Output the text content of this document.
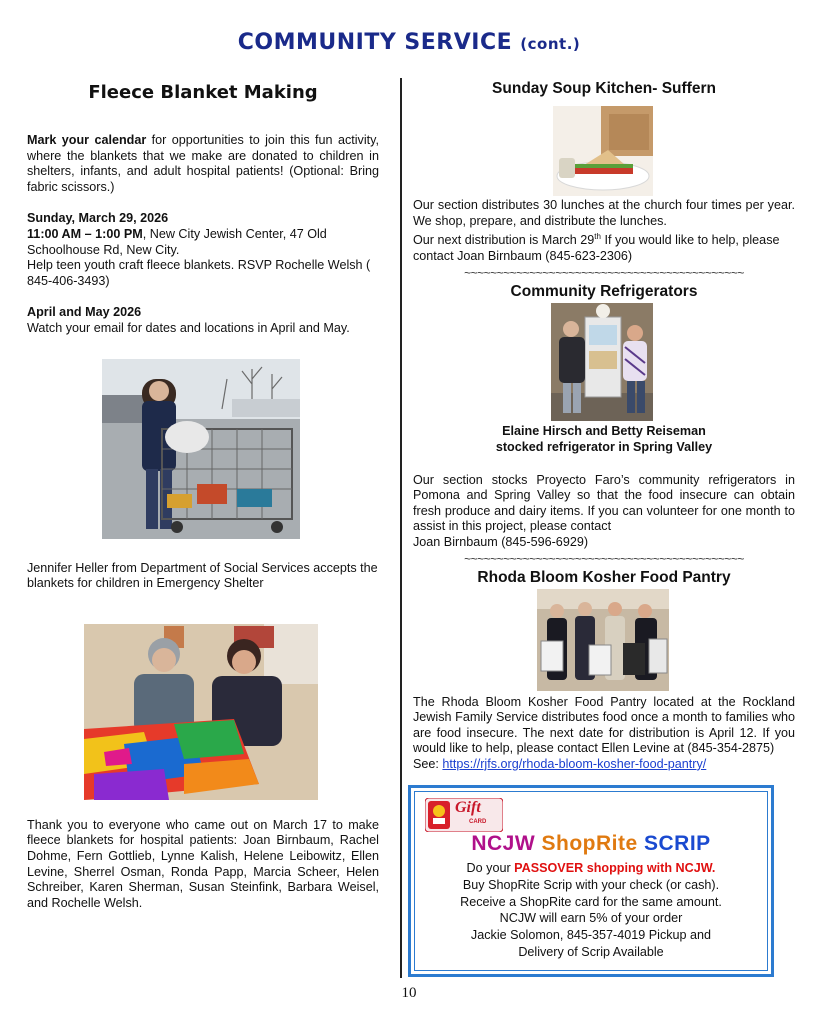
COMMUNITY SERVICE (cont.)
Fleece Blanket Making
Mark your calendar for opportunities to join this fun activity, where the blankets that we make are donated to children in shelters, infants, and adult hospital patients! (Optional: Bring fabric scissors.)
Sunday, March 29, 2026
11:00 AM – 1:00 PM, New City Jewish Center, 47 Old Schoolhouse Rd, New City.
Help teen youth craft fleece blankets. RSVP Rochelle Welsh ( 845-406-3493)
April and May 2026
Watch your email for dates and locations in April and May.
Jennifer Heller from Department of Social Services accepts the blankets for children in Emergency Shelter
Thank you to everyone who came out on March 17 to make fleece blankets for hospital patients: Joan Birnbaum, Rachel Dohme, Fern Gottlieb, Lynne Kalish, Helene Leibowitz, Ellen Levine, Sherrel Osman, Ronda Papp, Marcia Scheer, Helen Schreiber, Karen Sherman, Susan Steinfink, Barbara Weisel, and Rochelle Welsh.
Sunday Soup Kitchen- Suffern
Our section distributes 30 lunches at the church four times per year. We shop, prepare, and distribute the lunches.
Our next distribution is March 29th If you would like to help, please contact Joan Birnbaum (845-623-2306)
~~~~~~~~~~~~~~~~~~~~~~~~~~~~~~~~~~~~~~~~~~~
Community Refrigerators
Elaine Hirsch and Betty Reiseman
stocked refrigerator in Spring Valley
Our section stocks Proyecto Faro’s community refrigerators in Pomona and Spring Valley so that the food insecure can obtain fresh produce and dairy items. If you can volunteer for one month to assist in this project, please contact
Joan Birnbaum (845-596-6929)
~~~~~~~~~~~~~~~~~~~~~~~~~~~~~~~~~~~~~~~~~~~
Rhoda Bloom Kosher Food Pantry
The Rhoda Bloom Kosher Food Pantry located at the Rockland Jewish Family Service distributes food once a month to families who are food insecure. The next date for distribution is April 12. If you would like to help, please contact Ellen Levine at (845-354-2875)
See: https://rjfs.org/rhoda-bloom-kosher-food-pantry/
Gift
CARD
NCJW ShopRite SCRIP
Do your PASSOVER shopping with NCJW.
Buy ShopRite Scrip with your check (or cash).
Receive a ShopRite card for the same amount.
NCJW will earn 5% of your order
Jackie Solomon, 845-357-4019 Pickup and
Delivery of Scrip Available
10
